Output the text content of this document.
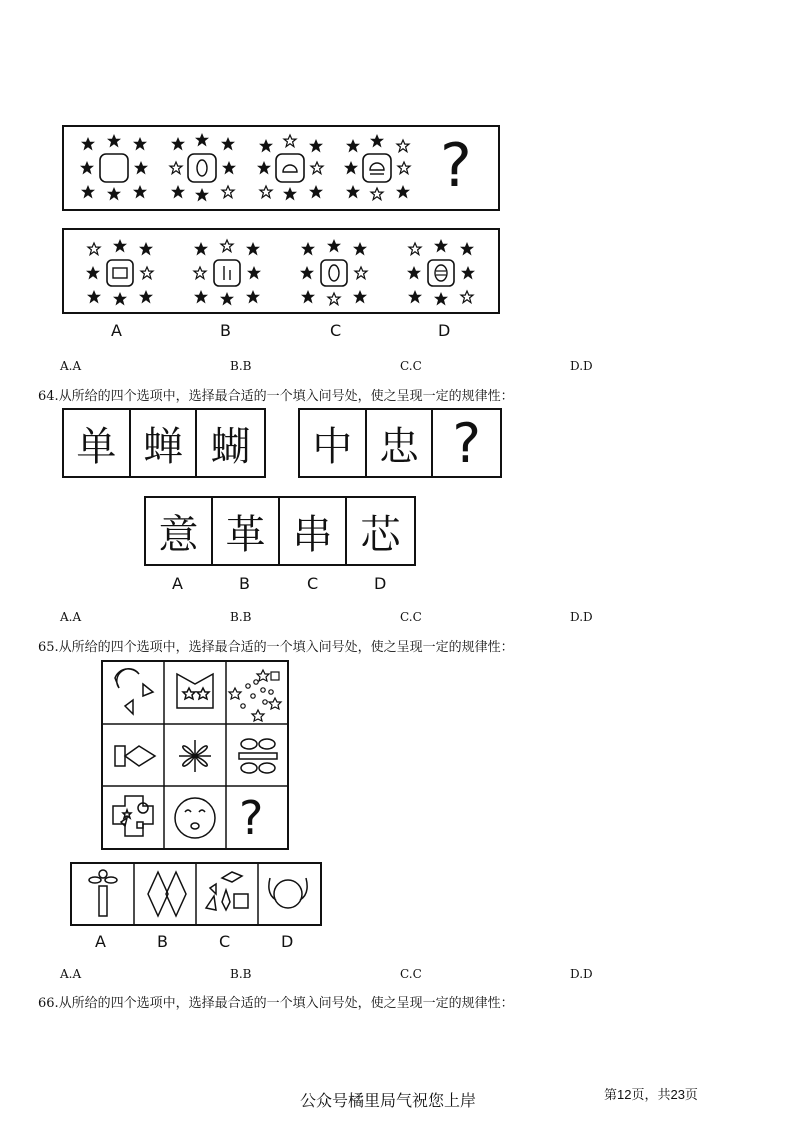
?
A	B	C	D
A.A	B.B	C.C	D.D
64.从所给的四个选项中，选择最合适的一个填入问号处，使之呈现一定的规律性：
单 蝉 蝴	中 忠 ?
意 革 串 芯
A	B	C	D
A.A	B.B	C.C	D.D
65.从所给的四个选项中，选择最合适的一个填入问号处，使之呈现一定的规律性：
?
A	B	C	D
A.A	B.B	C.C	D.D
66.从所给的四个选项中，选择最合适的一个填入问号处，使之呈现一定的规律性：
公众号橘里局气祝您上岸	第12页，共23页
